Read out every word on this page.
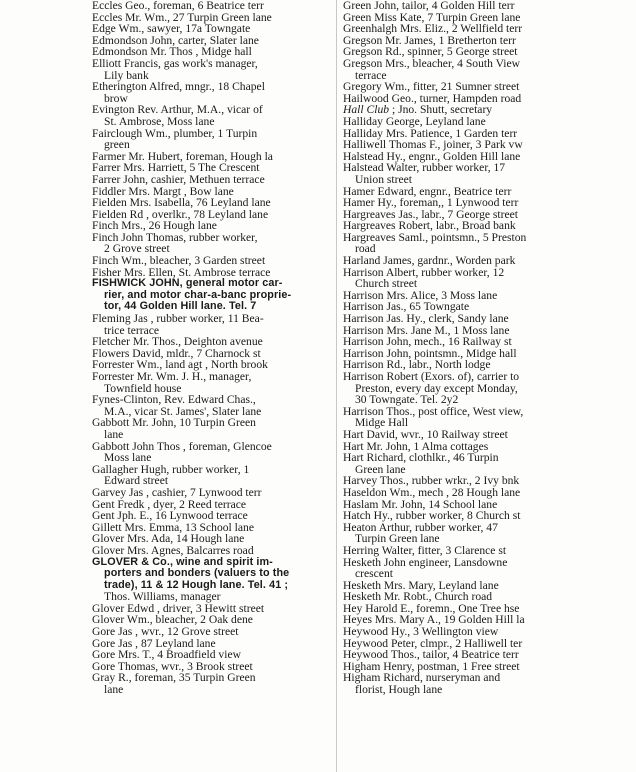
Eccles Geo., foreman, 6 Beatrice terr
Eccles Mr. Wm., 27 Turpin Green lane
Edge Wm., sawyer, 17a Towngate
Edmondson John, carter, Slater lane
Edmondson Mr. Thos , Midge hall
Elliott Francis, gas work's manager,
Lily bank
Etherington Alfred, mngr., 18 Chapel
brow
Evington Rev. Arthur, M.A., vicar of
St. Ambrose, Moss lane
Fairclough Wm., plumber, 1 Turpin
green
Farmer Mr. Hubert, foreman, Hough la
Farrer Mrs. Harriett, 5 The Crescent
Farrer John, cashier, Methuen terrace
Fiddler Mrs. Margt , Bow lane
Fielden Mrs. Isabella, 76 Leyland lane
Fielden Rd , overlkr., 78 Leyland lane
Finch Mrs., 26 Hough lane
Finch John Thomas, rubber worker,
2 Grove street
Finch Wm., bleacher, 3 Garden street
Fisher Mrs. Ellen, St. Ambrose terrace
FISHWICK JOHN, general motor car-
rier, and motor char-a-banc proprie-
tor, 44 Golden Hill lane. Tel. 7
Fleming Jas , rubber worker, 11 Bea-
trice terrace
Fletcher Mr. Thos., Deighton avenue
Flowers David, mldr., 7 Charnock st
Forrester Wm., land agt , North brook
Forrester Mr. Wm. J. H., manager,
Townfield house
Fynes-Clinton, Rev. Edward Chas.,
M.A., vicar St. James', Slater lane
Gabbott Mr. John, 10 Turpin Green
lane
Gabbott John Thos , foreman, Glencoe
Moss lane
Gallagher Hugh, rubber worker, 1
Edward street
Garvey Jas , cashier, 7 Lynwood terr
Gent Fredk , dyer, 2 Reed terrace
Gent Jph. E., 16 Lynwood terrace
Gillett Mrs. Emma, 13 School lane
Glover Mrs. Ada, 14 Hough lane
Glover Mrs. Agnes, Balcarres road
GLOVER & Co., wine and spirit im-
porters and bonders (valuers to the
trade), 11 & 12 Hough lane. Tel. 41 ;
Thos. Williams, manager
Glover Edwd , driver, 3 Hewitt street
Glover Wm., bleacher, 2 Oak dene
Gore Jas , wvr., 12 Grove street
Gore Jas , 87 Leyland lane
Gore Mrs. T., 4 Broadfield view
Gore Thomas, wvr., 3 Brook street
Gray R., foreman, 35 Turpin Green
lane
Green John, tailor, 4 Golden Hill terr
Green Miss Kate, 7 Turpin Green lane
Greenhalgh Mrs. Eliz., 2 Wellfield terr
Gregson Mr. James, 1 Bretherton terr
Gregson Rd., spinner, 5 George street
Gregson Mrs., bleacher, 4 South View
terrace
Gregory Wm., fitter, 21 Sumner street
Hailwood Geo., turner, Hampden road
Hall Club ; Jno. Shutt, secretary
Halliday George, Leyland lane
Halliday Mrs. Patience, 1 Garden terr
Halliwell Thomas F., joiner, 3 Park vw
Halstead Hy., engnr., Golden Hill lane
Halstead Walter, rubber worker, 17
Union street
Hamer Edward, engnr., Beatrice terr
Hamer Hy., foreman,, 1 Lynwood terr
Hargreaves Jas., labr., 7 George street
Hargreaves Robert, labr., Broad bank
Hargreaves Saml., pointsmn., 5 Preston
road
Harland James, gardnr., Worden park
Harrison Albert, rubber worker, 12
Church street
Harrison Mrs. Alice, 3 Moss lane
Harrison Jas., 65 Towngate
Harrison Jas. Hy., clerk, Sandy lane
Harrison Mrs. Jane M., 1 Moss lane
Harrison John, mech., 16 Railway st
Harrison John, pointsmn., Midge hall
Harrison Rd., labr., North lodge
Harrison Robert (Exors. of), carrier to
Preston, every day except Monday,
30 Towngate. Tel. 2y2
Harrison Thos., post office, West view,
Midge Hall
Hart David, wvr., 10 Railway street
Hart Mr. John, 1 Alma cottages
Hart Richard, clothlkr., 46 Turpin
Green lane
Harvey Thos., rubber wrkr., 2 Ivy bnk
Haseldon Wm., mech , 28 Hough lane
Haslam Mr. John, 14 School lane
Hatch Hy., rubber worker, 8 Church st
Heaton Arthur, rubber worker, 47
Turpin Green lane
Herring Walter, fitter, 3 Clarence st
Hesketh John engineer, Lansdowne
crescent
Hesketh Mrs. Mary, Leyland lane
Hesketh Mr. Robt., Church road
Hey Harold E., foremn., One Tree hse
Heyes Mrs. Mary A., 19 Golden Hill la
Heywood Hy., 3 Wellington view
Heywood Peter, clmpr., 2 Halliwell ter
Heywood Thos., tailor, 4 Beatrice terr
Higham Henry, postman, 1 Free street
Higham Richard, nurseryman and
florist, Hough lane
